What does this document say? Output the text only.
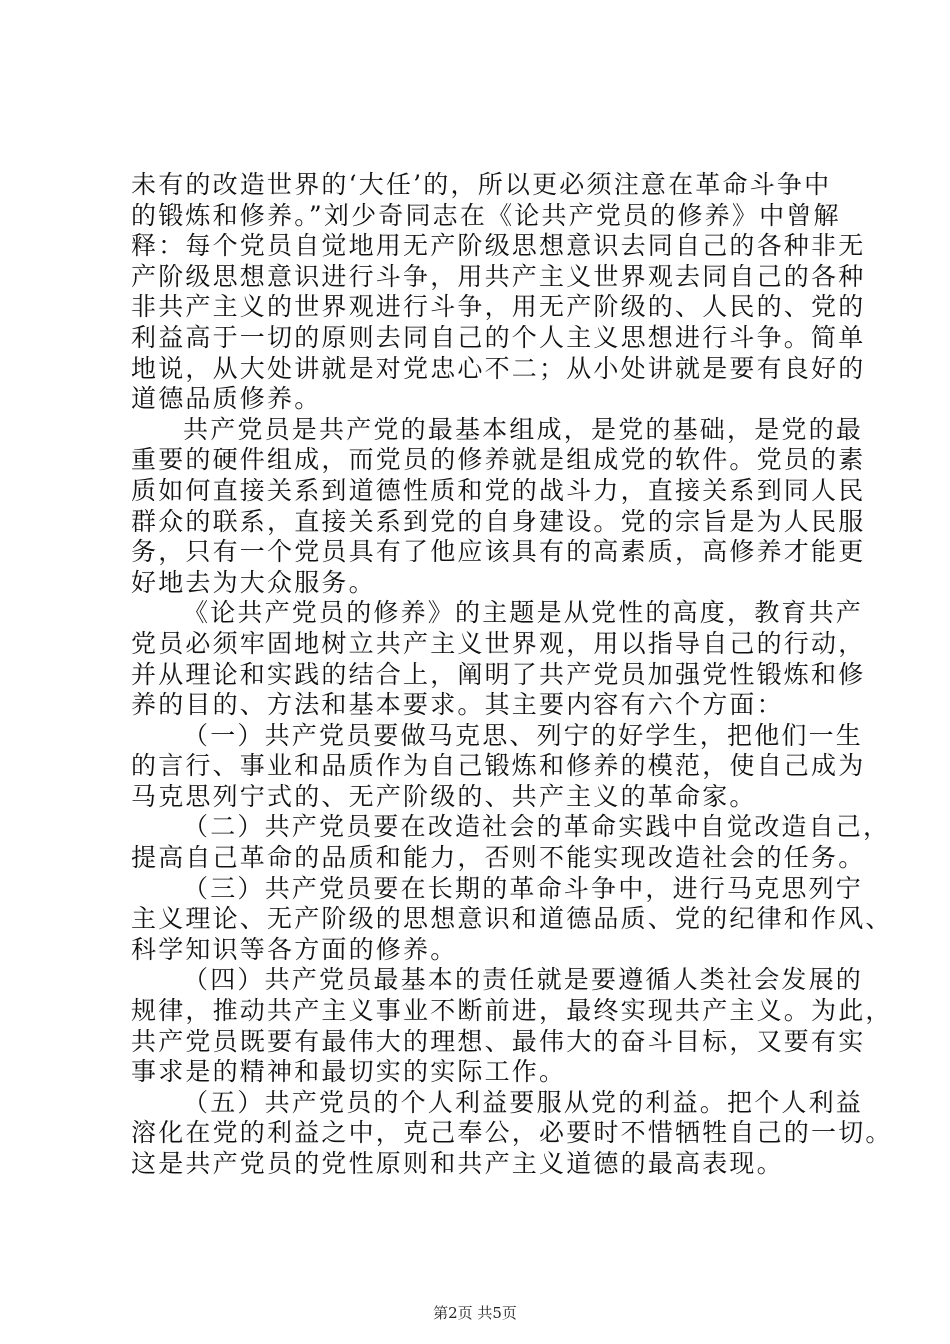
未有的改造世界的‘大任’的，所以更必须注意在革命斗争中
的锻炼和修养。”刘少奇同志在《论共产党员的修养》中曾解
释：每个党员自觉地用无产阶级思想意识去同自己的各种非无
产阶级思想意识进行斗争，用共产主义世界观去同自己的各种
非共产主义的世界观进行斗争，用无产阶级的、人民的、党的
利益高于一切的原则去同自己的个人主义思想进行斗争。简单
地说，从大处讲就是对党忠心不二；从小处讲就是要有良好的
道德品质修养。
共产党员是共产党的最基本组成，是党的基础，是党的最
重要的硬件组成，而党员的修养就是组成党的软件。党员的素
质如何直接关系到道德性质和党的战斗力，直接关系到同人民
群众的联系，直接关系到党的自身建设。党的宗旨是为人民服
务，只有一个党员具有了他应该具有的高素质，高修养才能更
好地去为大众服务。
《论共产党员的修养》的主题是从党性的高度，教育共产
党员必须牢固地树立共产主义世界观，用以指导自己的行动，
并从理论和实践的结合上，阐明了共产党员加强党性锻炼和修
养的目的、方法和基本要求。其主要内容有六个方面：
（一）共产党员要做马克思、列宁的好学生，把他们一生
的言行、事业和品质作为自己锻炼和修养的模范，使自己成为
马克思列宁式的、无产阶级的、共产主义的革命家。
（二）共产党员要在改造社会的革命实践中自觉改造自己，
提高自己革命的品质和能力，否则不能实现改造社会的任务。
（三）共产党员要在长期的革命斗争中，进行马克思列宁
主义理论、无产阶级的思想意识和道德品质、党的纪律和作风、
科学知识等各方面的修养。
（四）共产党员最基本的责任就是要遵循人类社会发展的
规律，推动共产主义事业不断前进，最终实现共产主义。为此，
共产党员既要有最伟大的理想、最伟大的奋斗目标，又要有实
事求是的精神和最切实的实际工作。
（五）共产党员的个人利益要服从党的利益。把个人利益
溶化在党的利益之中，克己奉公，必要时不惜牺牲自己的一切。
这是共产党员的党性原则和共产主义道德的最高表现。
第2页 共5页
